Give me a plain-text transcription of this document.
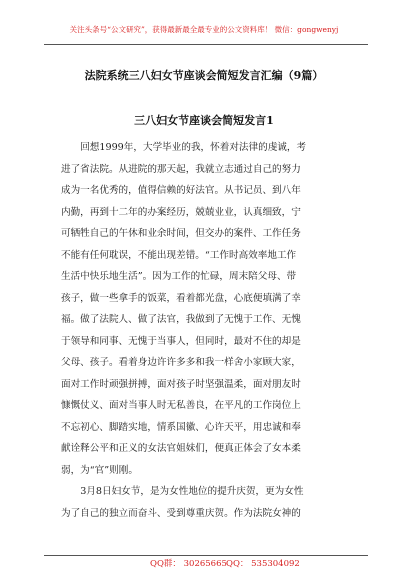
关注头条号“公文研究”，获得最新最全最专业的公文资料库！ 微信：gongwenyj
法院系统三八妇女节座谈会简短发言汇编（9篇）
三八妇女节座谈会简短发言1
回想1999年，大学毕业的我，怀着对法律的虔诚，考
进了省法院。从进院的那天起，我就立志通过自己的努力
成为一名优秀的，值得信赖的好法官。从书记员、到八年
内勤，再到十二年的办案经历，兢兢业业，认真细致，宁
可牺牲自己的午休和业余时间，但交办的案件、工作任务
不能有任何耽误，不能出现差错。“工作时高效率地工作
生活中快乐地生活”。因为工作的忙碌，周末陪父母、带
孩子，做一些拿手的饭菜，看着都光盘，心底便填满了幸
福。做了法院人、做了法官，我做到了无愧于工作、无愧
于领导和同事、无愧于当事人，但同时，最对不住的却是
父母、孩子。看着身边许许多多和我一样舍小家顾大家，
面对工作时顽强拼搏，面对孩子时坚强温柔，面对朋友时
慷慨仗义、面对当事人时无私善良，在平凡的工作岗位上
不忘初心、脚踏实地，情系国徽、心许天平，用忠诚和奉
献诠释公平和正义的女法官姐妹们，便真正体会了女本柔
弱，为“官”则刚。
3月8日妇女节，是为女性地位的提升庆贺，更为女性
为了自己的独立而奋斗、受到尊重庆贺。作为法院女神的
QQ群： 30265665 QQ： 535304092
